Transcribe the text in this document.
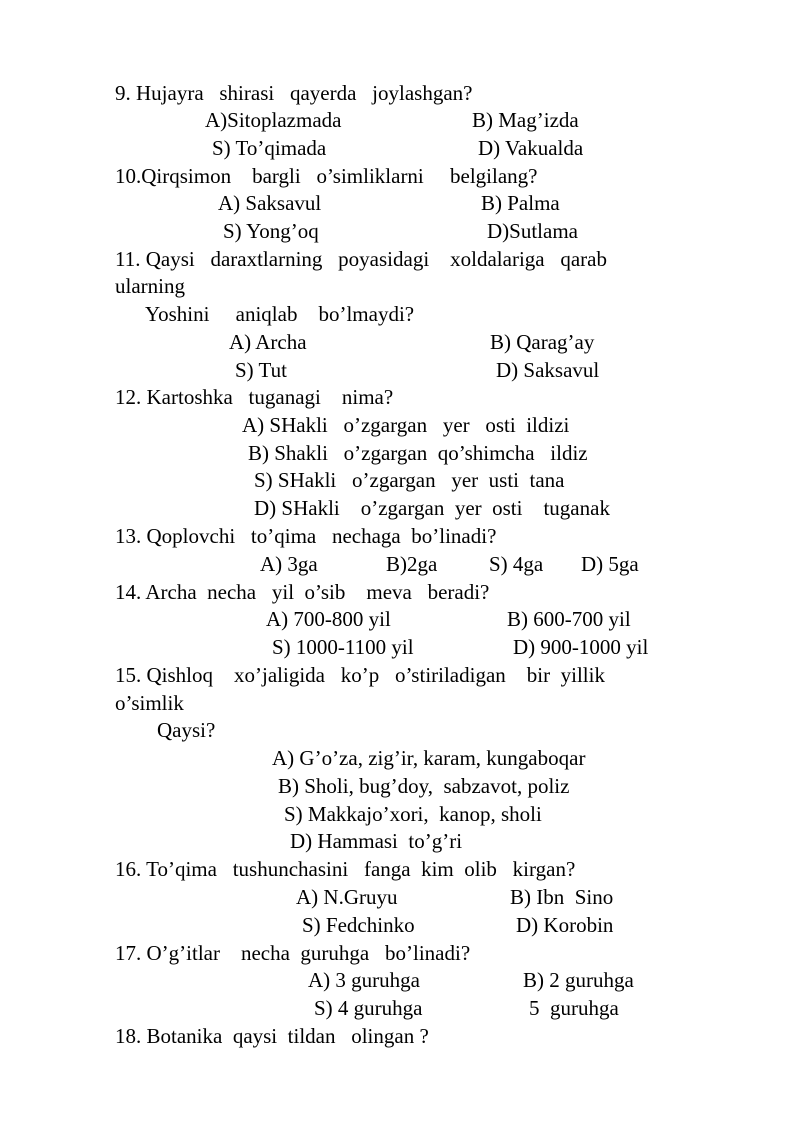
9. Hujayra   shirasi   qayerda   joylashgan?

A)Sitoplazmada	B) Mag’izda

S) To’qimada	D) Vakualda

10.Qirqsimon    bargli   o’simliklarni     belgilang?

A) Saksavul	B) Palma

S) Yong’oq	D)Sutlama

11. Qaysi   daraxtlarning   poyasidagi    xoldalariga   qarab

ularning

Yoshini     aniqlab    bo’lmaydi?

A) Archa	B) Qarag’ay

S) Tut	D) Saksavul

12. Kartoshka   tuganagi    nima?

A) SHakli   o’zgargan   yer   osti  ildizi

B) Shakli   o’zgargan  qo’shimcha   ildiz

S) SHakli   o’zgargan   yer  usti  tana

D) SHakli    o’zgargan  yer  osti    tuganak

13. Qoplovchi   to’qima   nechaga  bo’linadi?

A) 3ga	B)2ga S) 4ga D) 5ga

14. Archa  necha   yil  o’sib    meva   beradi?

A) 700-800 yil	B) 600-700 yil

S) 1000-1100 yil	D) 900-1000 yil

15. Qishloq    xo’jaligida   ko’p   o’stiriladigan    bir  yillik

o’simlik

Qaysi?

A) G’o’za, zig’ir, karam, kungaboqar

B) Sholi, bug’doy,  sabzavot, poliz

S) Makkajo’xori,  kanop, sholi

D) Hammasi  to’g’ri

16. To’qima   tushunchasini   fanga  kim  olib   kirgan?

A) N.Gruyu	B) Ibn  Sino

S) Fedchinko	D) Korobin

17. O’g’itlar    necha  guruhga   bo’linadi?

A) 3 guruhga	B) 2 guruhga

S) 4 guruhga	5  guruhga

18. Botanika  qaysi  tildan   olingan ?
